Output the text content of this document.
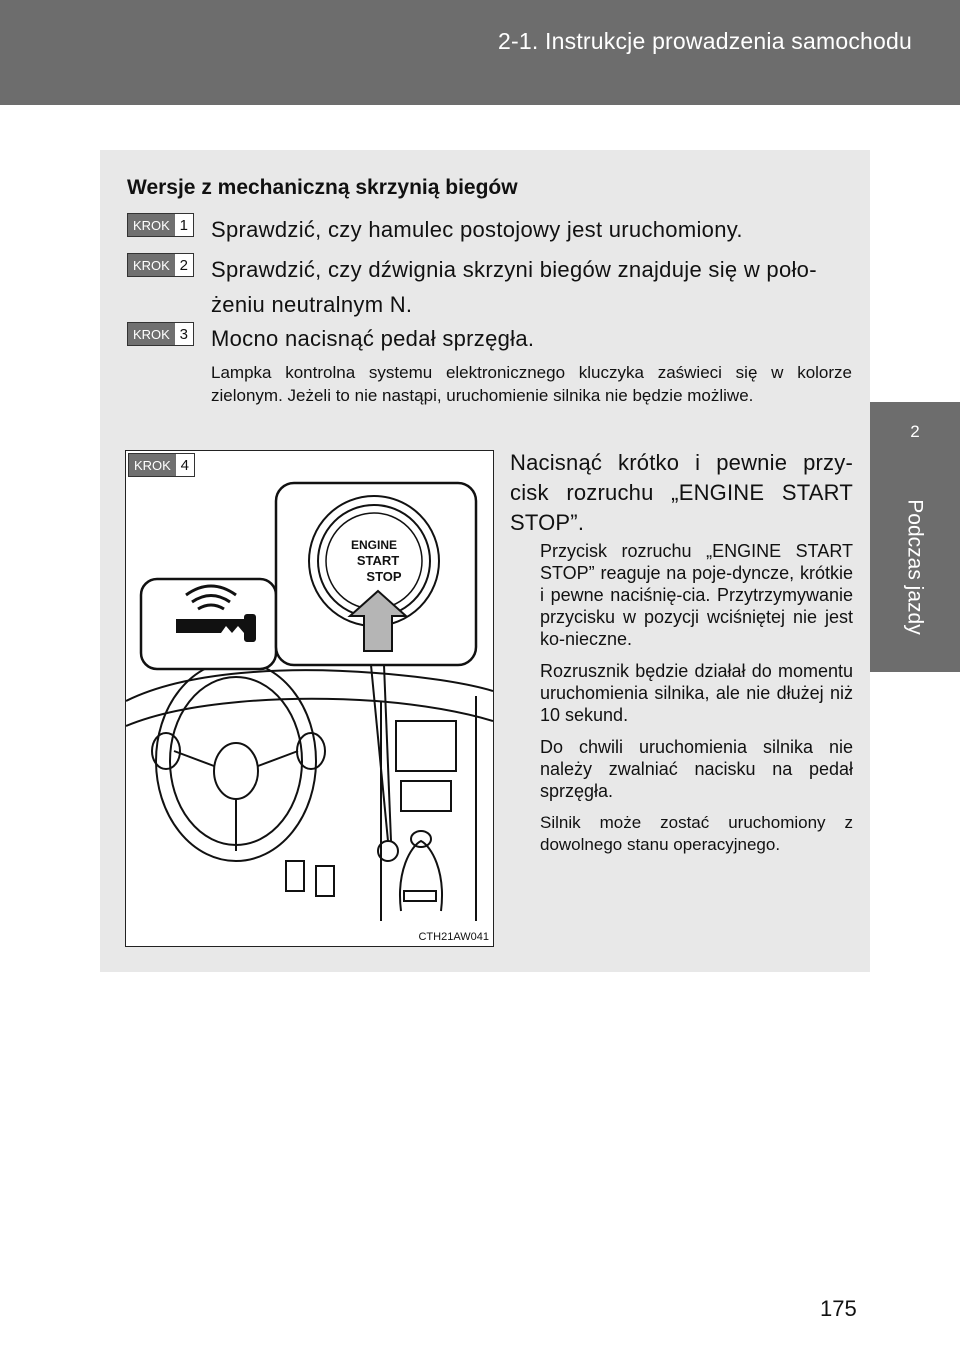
2-1. Instrukcje prowadzenia samochodu
2
Podczas jazdy
Wersje z mechaniczną skrzynią biegów
KROK 1 Sprawdzić, czy hamulec postojowy jest uruchomiony.
KROK 2 Sprawdzić, czy dźwignia skrzyni biegów znajduje się w poło-
żeniu neutralnym N.
KROK 3 Mocno nacisnąć pedał sprzęgła.
Lampka kontrolna systemu elektronicznego kluczyka zaświeci się w kolorze zielonym. Jeżeli to nie nastąpi, uruchomienie silnika nie będzie możliwe.
ENGINE
START
STOP
KROK 4
CTH21AW041
Nacisnąć krótko i pewnie przy-cisk rozruchu „ENGINE START STOP”.

Przycisk rozruchu „ENGINE START STOP” reaguje na poje-dyncze, krótkie i pewne naciśnię-cia. Przytrzymywanie przycisku w pozycji wciśniętej nie jest ko-nieczne.

Rozrusznik będzie działał do momentu uruchomienia silnika, ale nie dłużej niż 10 sekund.

Do chwili uruchomienia silnika nie należy zwalniać nacisku na pedał sprzęgła.

Silnik może zostać uruchomiony z dowolnego stanu operacyjnego.

175
